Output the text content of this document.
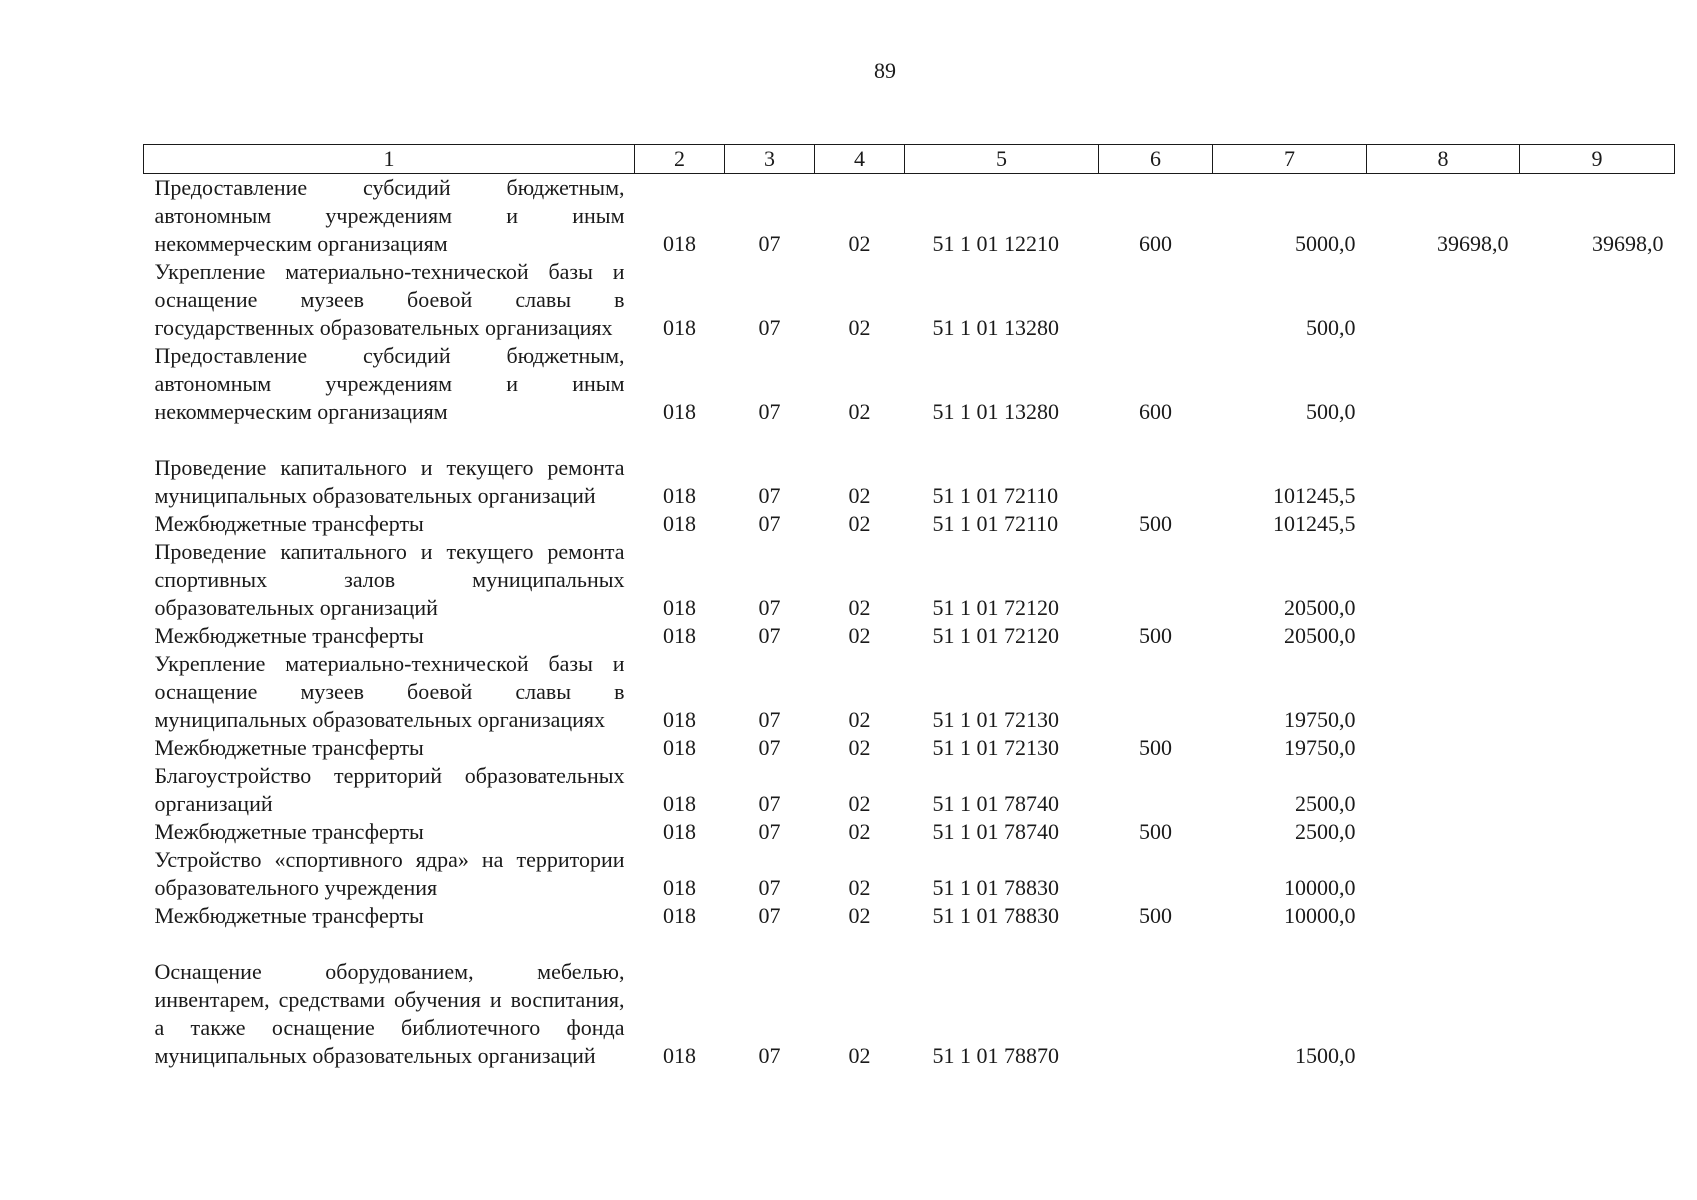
89
1	2	3	4	5	6	7	8	9
Предоставление субсидий бюджетным, автономным учреждениям и иным некоммерческим организациям	018	07	02	51 1 01 12210	600	5000,0	39698,0	39698,0
Укрепление материально-технической базы и оснащение музеев боевой славы в государственных образовательных организациях	018	07	02	51 1 01 13280		500,0		
Предоставление субсидий бюджетным, автономным учреждениям и иным некоммерческим организациям	018	07	02	51 1 01 13280	600	500,0		
Проведение капитального и текущего ремонта муниципальных образовательных организаций	018	07	02	51 1 01 72110		101245,5		
Межбюджетные трансферты	018	07	02	51 1 01 72110	500	101245,5		
Проведение капитального и текущего ремонта спортивных залов муниципальных образовательных организаций	018	07	02	51 1 01 72120		20500,0		
Межбюджетные трансферты	018	07	02	51 1 01 72120	500	20500,0		
Укрепление материально-технической базы и оснащение музеев боевой славы в муниципальных образовательных организациях	018	07	02	51 1 01 72130		19750,0		
Межбюджетные трансферты	018	07	02	51 1 01 72130	500	19750,0		
Благоустройство территорий образовательных организаций	018	07	02	51 1 01 78740		2500,0		
Межбюджетные трансферты	018	07	02	51 1 01 78740	500	2500,0		
Устройство «спортивного ядра» на территории образовательного учреждения	018	07	02	51 1 01 78830		10000,0		
Межбюджетные трансферты	018	07	02	51 1 01 78830	500	10000,0		
Оснащение оборудованием, мебелью, инвентарем, средствами обучения и воспитания, а также оснащение библиотечного фонда муниципальных образовательных организаций	018	07	02	51 1 01 78870		1500,0		
